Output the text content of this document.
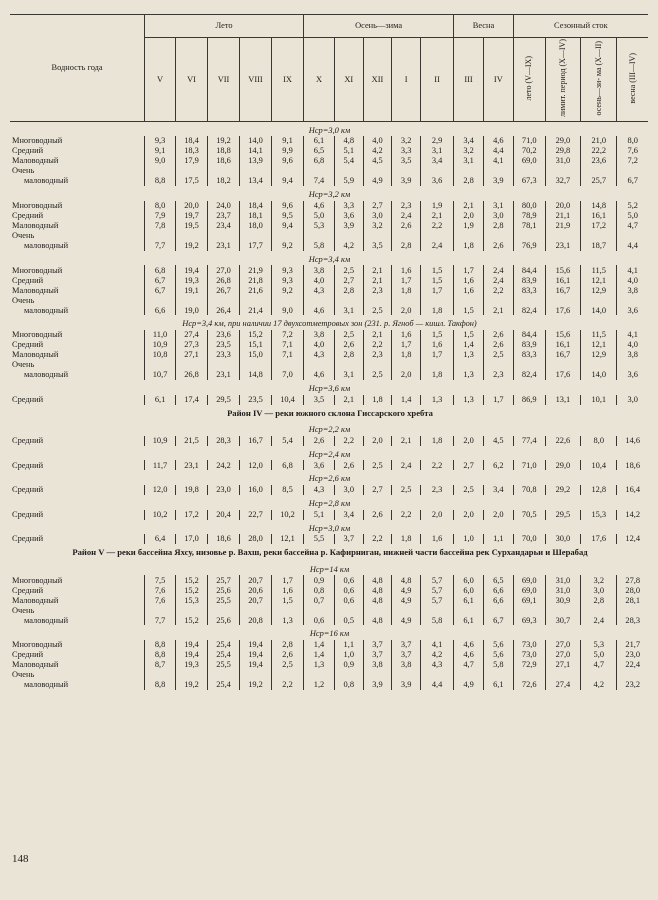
Водность года	Лето					Осень—зима					Весна		Сезонный сток			
	V	VI	VII	VIII	IX	X	XI	XII	I	II	III	IV	лето (V—IX)	лимит. период (X—IV)	осень—зи- ма (X—II)	весна (III—IV)
Hср=3,0 км																
Многоводный	9,3	18,4	19,2	14,0	9,1	6,1	4,8	4,0	3,2	2,9	3,4	4,6	71,0	29,0	21,0	8,0
Средний	9,1	18,3	18,8	14,1	9,9	6,5	5,1	4,2	3,3	3,1	3,2	4,4	70,2	29,8	22,2	7,6
Маловодный	9,0	17,9	18,6	13,9	9,6	6,8	5,4	4,5	3,5	3,4	3,1	4,1	69,0	31,0	23,6	7,2
Очень																
маловодный	8,8	17,5	18,2	13,4	9,4	7,4	5,9	4,9	3,9	3,6	2,8	3,9	67,3	32,7	25,7	6,7
Hср=3,2 км																
Многоводный	8,0	20,0	24,0	18,4	9,6	4,6	3,3	2,7	2,3	1,9	2,1	3,1	80,0	20,0	14,8	5,2
Средний	7,9	19,7	23,7	18,1	9,5	5,0	3,6	3,0	2,4	2,1	2,0	3,0	78,9	21,1	16,1	5,0
Маловодный	7,8	19,5	23,4	18,0	9,4	5,3	3,9	3,2	2,6	2,2	1,9	2,8	78,1	21,9	17,2	4,7
Очень																
маловодный	7,7	19,2	23,1	17,7	9,2	5,8	4,2	3,5	2,8	2,4	1,8	2,6	76,9	23,1	18,7	4,4
Hср=3,4 км																
Многоводный	6,8	19,4	27,0	21,9	9,3	3,8	2,5	2,1	1,6	1,5	1,7	2,4	84,4	15,6	11,5	4,1
Средний	6,7	19,3	26,8	21,8	9,3	4,0	2,7	2,1	1,7	1,5	1,6	2,4	83,9	16,1	12,1	4,0
Маловодный	6,7	19,1	26,7	21,6	9,2	4,3	2,8	2,3	1,8	1,7	1,6	2,2	83,3	16,7	12,9	3,8
Очень																
маловодный	6,6	19,0	26,4	21,4	9,0	4,6	3,1	2,5	2,0	1,8	1,5	2,1	82,4	17,6	14,0	3,6
Hср=3,4 км, при наличии 17 двухсотметровых зон (231. р. Ягноб — кишл. Такфон)																
Многоводный	11,0	27,4	23,6	15,2	7,2	3,8	2,5	2,1	1,6	1,5	1,5	2,6	84,4	15,6	11,5	4,1
Средний	10,9	27,3	23,5	15,1	7,1	4,0	2,6	2,2	1,7	1,6	1,4	2,6	83,9	16,1	12,1	4,0
Маловодный	10,8	27,1	23,3	15,0	7,1	4,3	2,8	2,3	1,8	1,7	1,3	2,5	83,3	16,7	12,9	3,8
Очень																
маловодный	10,7	26,8	23,1	14,8	7,0	4,6	3,1	2,5	2,0	1,8	1,3	2,3	82,4	17,6	14,0	3,6
Hср=3,6 км																
Средний	6,1	17,4	29,5	23,5	10,4	3,5	2,1	1,8	1,4	1,3	1,3	1,7	86,9	13,1	10,1	3,0
Район IV — реки южного склона Гиссарского хребта																
Hср=2,2 км																
Средний	10,9	21,5	28,3	16,7	5,4	2,6	2,2	2,0	2,1	1,8	2,0	4,5	77,4	22,6	8,0	14,6
Hср=2,4 км																
Средний	11,7	23,1	24,2	12,0	6,8	3,6	2,6	2,5	2,4	2,2	2,7	6,2	71,0	29,0	10,4	18,6
Hср=2,6 км																
Средний	12,0	19,8	23,0	16,0	8,5	4,3	3,0	2,7	2,5	2,3	2,5	3,4	70,8	29,2	12,8	16,4
Hср=2,8 км																
Средний	10,2	17,2	20,4	22,7	10,2	5,1	3,4	2,6	2,2	2,0	2,0	2,0	70,5	29,5	15,3	14,2
Hср=3,0 км																
Средний	6,4	17,0	18,6	28,0	12,1	5,5	3,7	2,2	1,8	1,6	1,0	1,1	70,0	30,0	17,6	12,4
Район V — реки бассейна Яхсу, низовье р. Вахш, реки бассейна р. Кафирниган, нижней части бассейна рек Сурхандарьи и Шерабад																
Hср=14 км																
Многоводный	7,5	15,2	25,7	20,7	1,7	0,9	0,6	4,8	4,8	5,7	6,0	6,5	69,0	31,0	3,2	27,8
Средний	7,6	15,2	25,6	20,6	1,6	0,8	0,6	4,8	4,9	5,7	6,0	6,6	69,0	31,0	3,0	28,0
Маловодный	7,6	15,3	25,5	20,7	1,5	0,7	0,6	4,8	4,9	5,7	6,1	6,6	69,1	30,9	2,8	28,1
Очень																
маловодный	7,7	15,2	25,6	20,8	1,3	0,6	0,5	4,8	4,9	5,8	6,1	6,7	69,3	30,7	2,4	28,3
Hср=16 км																
Многоводный	8,8	19,4	25,4	19,4	2,8	1,4	1,1	3,7	3,7	4,1	4,6	5,6	73,0	27,0	5,3	21,7
Средний	8,8	19,4	25,4	19,4	2,6	1,4	1,0	3,7	3,7	4,2	4,6	5,6	73,0	27,0	5,0	23,0
Маловодный	8,7	19,3	25,5	19,4	2,5	1,3	0,9	3,8	3,8	4,3	4,7	5,8	72,9	27,1	4,7	22,4
Очень																
маловодный	8,8	19,2	25,4	19,2	2,2	1,2	0,8	3,9	3,9	4,4	4,9	6,1	72,6	27,4	4,2	23,2
148
